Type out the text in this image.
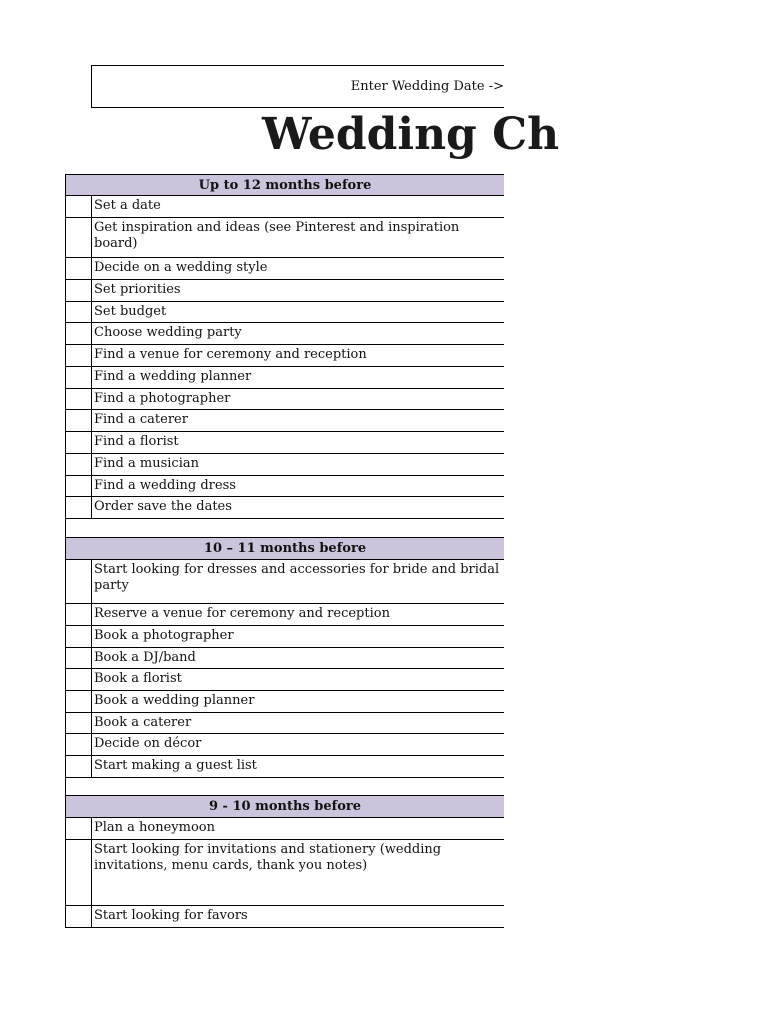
Enter Wedding Date ->
Wedding Ch
Up to 12 months before
Set a date
Get inspiration and ideas (see Pinterest and inspiration board)
Decide on a wedding style
Set priorities
Set budget
Choose wedding party
Find a venue for ceremony and reception
Find a wedding planner
Find a photographer
Find a caterer
Find a florist
Find a musician
Find a wedding dress
Order save the dates
10 – 11 months before
Start looking for dresses and accessories for bride and bridal party
Reserve a venue for ceremony and reception
Book a photographer
Book a DJ/band
Book a florist
Book a wedding planner
Book a caterer
Decide on décor
Start making a guest list
9 - 10 months before
Plan a honeymoon
Start looking for invitations and stationery (wedding invitations, menu cards, thank you notes)
Start looking for favors
